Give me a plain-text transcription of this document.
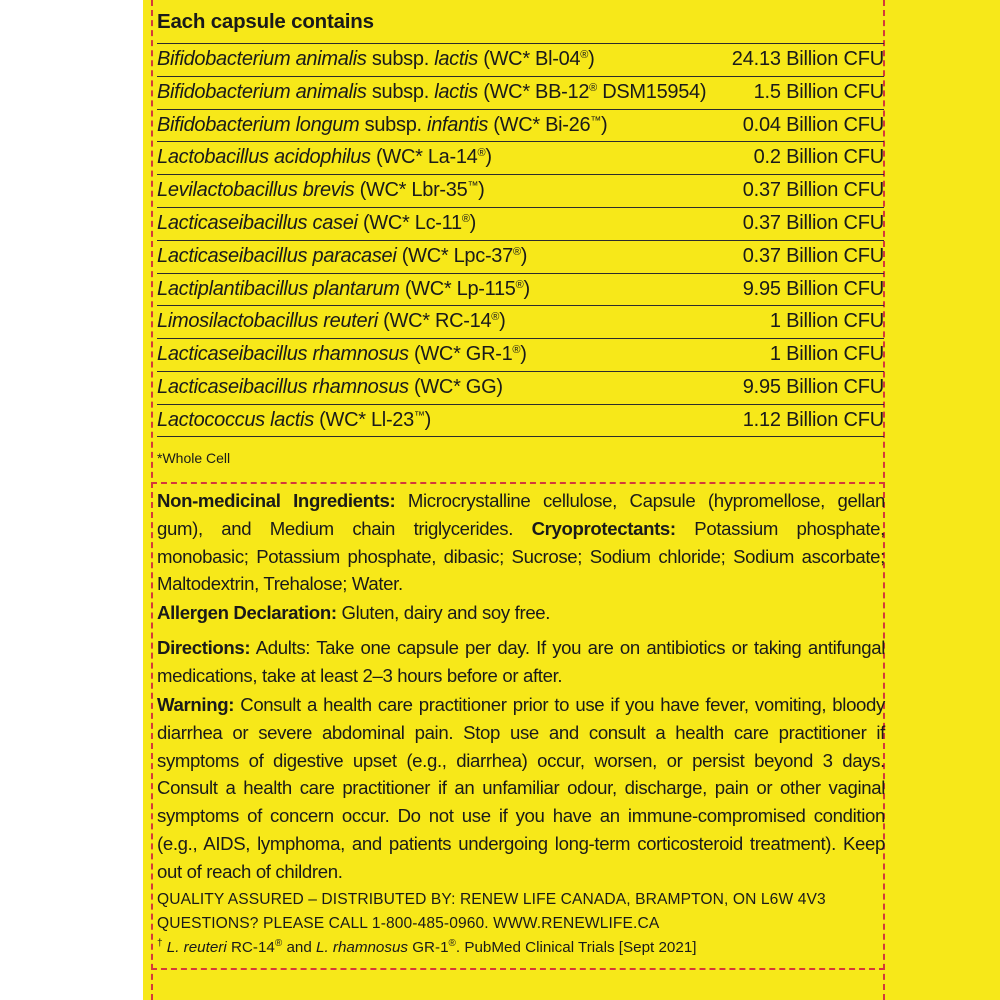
Each capsule contains
Bifidobacterium animalis subsp. lactis (WC* Bl-04®)	24.13 Billion CFU
Bifidobacterium animalis subsp. lactis (WC* BB-12® DSM15954) 1.5 Billion CFU
Bifidobacterium longum subsp. infantis (WC* Bi-26™)	0.04 Billion CFU
Lactobacillus acidophilus (WC* La-14®)	0.2 Billion CFU
Levilactobacillus brevis (WC* Lbr-35™)	0.37 Billion CFU
Lacticaseibacillus casei (WC* Lc-11®)	0.37 Billion CFU
Lacticaseibacillus paracasei (WC* Lpc-37®)	0.37 Billion CFU
Lactiplantibacillus plantarum (WC* Lp-115®)	9.95 Billion CFU
Limosilactobacillus reuteri (WC* RC-14®)	1 Billion CFU
Lacticaseibacillus rhamnosus (WC* GR-1®)	1 Billion CFU
Lacticaseibacillus rhamnosus (WC* GG)	9.95 Billion CFU
Lactococcus lactis (WC* Ll-23™)	1.12 Billion CFU
*Whole Cell
Non-medicinal Ingredients: Microcrystalline cellulose, Capsule (hypromellose, gellan gum), and Medium chain triglycerides. Cryoprotectants: Potassium phosphate, monobasic; Potassium phosphate, dibasic; Sucrose; Sodium chloride; Sodium ascorbate; Maltodextrin, Trehalose; Water.
Allergen Declaration: Gluten, dairy and soy free.
Directions: Adults: Take one capsule per day. If you are on antibiotics or taking antifungal medications, take at least 2–3 hours before or after.
Warning: Consult a health care practitioner prior to use if you have fever, vomiting, bloody diarrhea or severe abdominal pain. Stop use and consult a health care practitioner if symptoms of digestive upset (e.g., diarrhea) occur, worsen, or persist beyond 3 days. Consult a health care practitioner if an unfamiliar odour, discharge, pain or other vaginal symptoms of concern occur. Do not use if you have an immune-compromised condition (e.g., AIDS, lymphoma, and patients undergoing long-term corticosteroid treatment). Keep out of reach of children.
QUALITY ASSURED – DISTRIBUTED BY: RENEW LIFE CANADA, BRAMPTON, ON L6W 4V3
QUESTIONS? PLEASE CALL 1-800-485-0960. WWW.RENEWLIFE.CA
† L. reuteri RC-14® and L. rhamnosus GR-1®. PubMed Clinical Trials [Sept 2021]
